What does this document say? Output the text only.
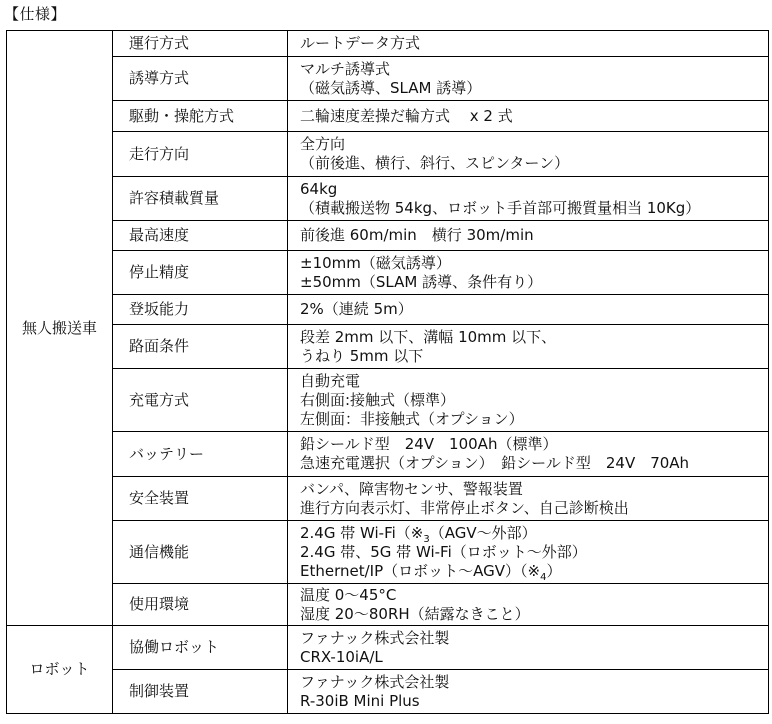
【仕様】
無人搬送車	運行方式	ルートデータ方式

	誘導方式	マルチ誘導式
（磁気誘導、SLAM 誘導）

	駆動・操舵方式	二輪速度差操だ輪方式　 x 2 式

	走行方向	全方向
（前後進、横行、斜行、スピンターン）

	許容積載質量	64kg
（積載搬送物 54kg、ロボット手首部可搬質量相当 10Kg）

	最高速度	前後進 60m/min　横行 30m/min

	停止精度	±10mm（磁気誘導）
±50mm（SLAM 誘導、条件有り）

	登坂能力	2%（連続 5m）

	路面条件	段差 2mm 以下、溝幅 10mm 以下、
うねり 5mm 以下

	充電方式	自動充電
右側面:接触式（標準）
左側面：非接触式（オプション）

	バッテリー	鉛シールド型　24V　100Ah（標準）
急速充電選択（オプション）　鉛シールド型　24V　70Ah

	安全装置	バンパ、障害物センサ、警報装置
進行方向表示灯、非常停止ボタン、自己診断検出

	通信機能	2.4G 帯 $Wi-Fi(※_3(AGV\sim$外部）
2.4G 帯、5G 帯 Wi-Fi（ロボット～外部）
Ethernet/IP（ロボット$\sim AGV)(※_4)$

	使用環境	温度 0～45°C
湿度 20～80RH（結露なきこと）

ロボット	協働ロボット	ファナック株式会社製
CRX-10iA/L

	制御装置	ファナック株式会社製
R-30iB Mini Plus
